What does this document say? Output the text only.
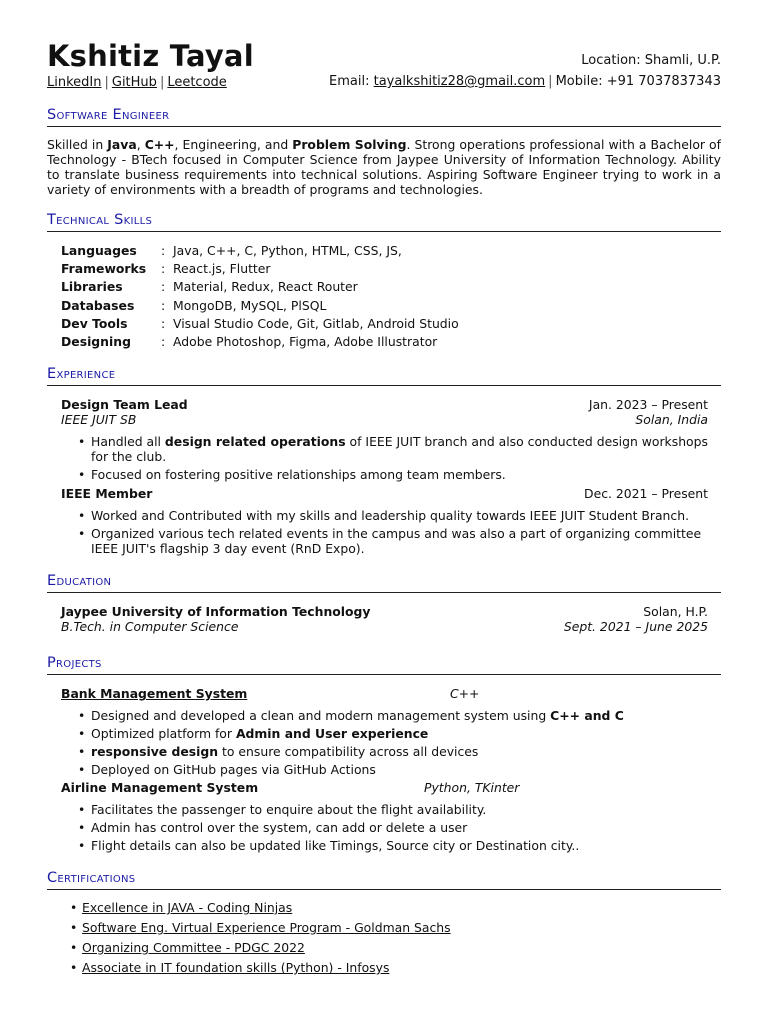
Kshitiz Tayal
LinkedIn | GitHub | Leetcode
Location: Shamli, U.P.
Email: tayalkshitiz28@gmail.com | Mobile: +91 7037837343
Software Engineer
Skilled in Java, C++, Engineering, and Problem Solving. Strong operations professional with a Bachelor of Technology - BTech focused in Computer Science from Jaypee University of Information Technology. Ability to translate business requirements into technical solutions. Aspiring Software Engineer trying to work in a variety of environments with a breadth of programs and technologies.
Technical Skills
Languages	: Java, C++, C, Python, HTML, CSS, JS,
Frameworks	: React.js, Flutter
Libraries	: Material, Redux, React Router
Databases	: MongoDB, MySQL, PlSQL
Dev Tools	: Visual Studio Code, Git, Gitlab, Android Studio
Designing	: Adobe Photoshop, Figma, Adobe Illustrator
Experience
Design Team Lead	Jan. 2023 – Present
IEEE JUIT SB	Solan, India
• Handled all design related operations of IEEE JUIT branch and also conducted design workshops for the club.
• Focused on fostering positive relationships among team members.
IEEE Member	Dec. 2021 – Present
• Worked and Contributed with my skills and leadership quality towards IEEE JUIT Student Branch.
• Organized various tech related events in the campus and was also a part of organizing committee IEEE JUIT's flagship 3 day event (RnD Expo).
Education
Jaypee University of Information Technology	Solan, H.P.
B.Tech. in Computer Science	Sept. 2021 – June 2025
Projects
Bank Management System	C++
• Designed and developed a clean and modern management system using C++ and C
• Optimized platform for Admin and User experience
• responsive design to ensure compatibility across all devices
• Deployed on GitHub pages via GitHub Actions
Airline Management System	Python, TKinter
• Facilitates the passenger to enquire about the flight availability.
• Admin has control over the system, can add or delete a user
• Flight details can also be updated like Timings, Source city or Destination city..
Certifications
• Excellence in JAVA - Coding Ninjas
• Software Eng. Virtual Experience Program - Goldman Sachs
• Organizing Committee - PDGC 2022
• Associate in IT foundation skills (Python) - Infosys
